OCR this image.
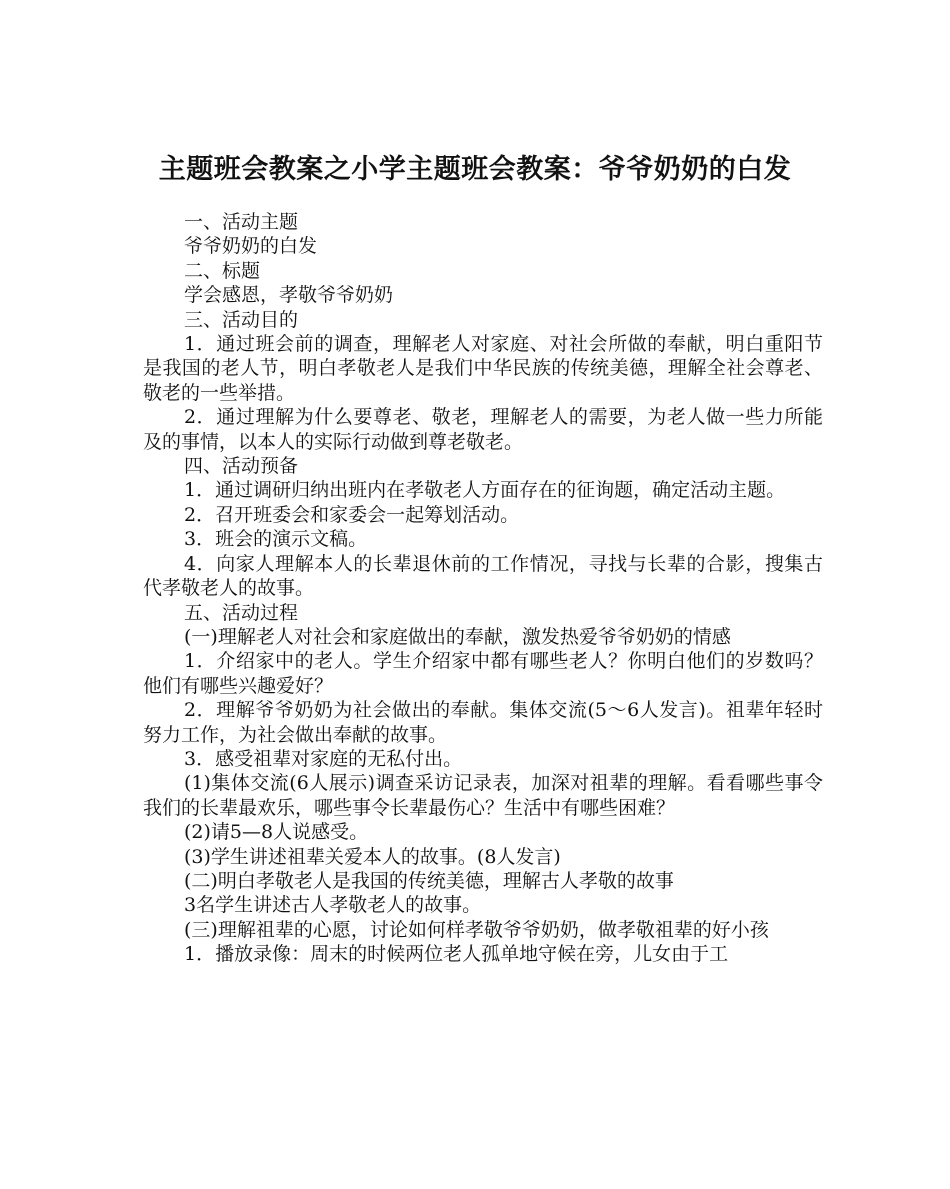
主题班会教案之小学主题班会教案：爷爷奶奶的白发

一、活动主题

爷爷奶奶的白发

二、标题

学会感恩，孝敬爷爷奶奶

三、活动目的

1．通过班会前的调查，理解老人对家庭、对社会所做的奉献，明白重阳节是我国的老人节，明白孝敬老人是我们中华民族的传统美德，理解全社会尊老、敬老的一些举措。

2．通过理解为什么要尊老、敬老，理解老人的需要，为老人做一些力所能及的事情，以本人的实际行动做到尊老敬老。

四、活动预备

1．通过调研归纳出班内在孝敬老人方面存在的征询题，确定活动主题。

2．召开班委会和家委会一起筹划活动。

3．班会的演示文稿。

4．向家人理解本人的长辈退休前的工作情况，寻找与长辈的合影，搜集古代孝敬老人的故事。

五、活动过程

(一)理解老人对社会和家庭做出的奉献，激发热爱爷爷奶奶的情感

1．介绍家中的老人。学生介绍家中都有哪些老人？你明白他们的岁数吗？他们有哪些兴趣爱好？

2．理解爷爷奶奶为社会做出的奉献。集体交流(5～6人发言)。祖辈年轻时努力工作，为社会做出奉献的故事。

3．感受祖辈对家庭的无私付出。

(1)集体交流(6人展示)调查采访记录表，加深对祖辈的理解。看看哪些事令我们的长辈最欢乐，哪些事令长辈最伤心？生活中有哪些困难？

(2)请5—8人说感受。

(3)学生讲述祖辈关爱本人的故事。(8人发言)

(二)明白孝敬老人是我国的传统美德，理解古人孝敬的故事

3名学生讲述古人孝敬老人的故事。

(三)理解祖辈的心愿，讨论如何样孝敬爷爷奶奶，做孝敬祖辈的好小孩

1．播放录像：周末的时候两位老人孤单地守候在旁，儿女由于工
